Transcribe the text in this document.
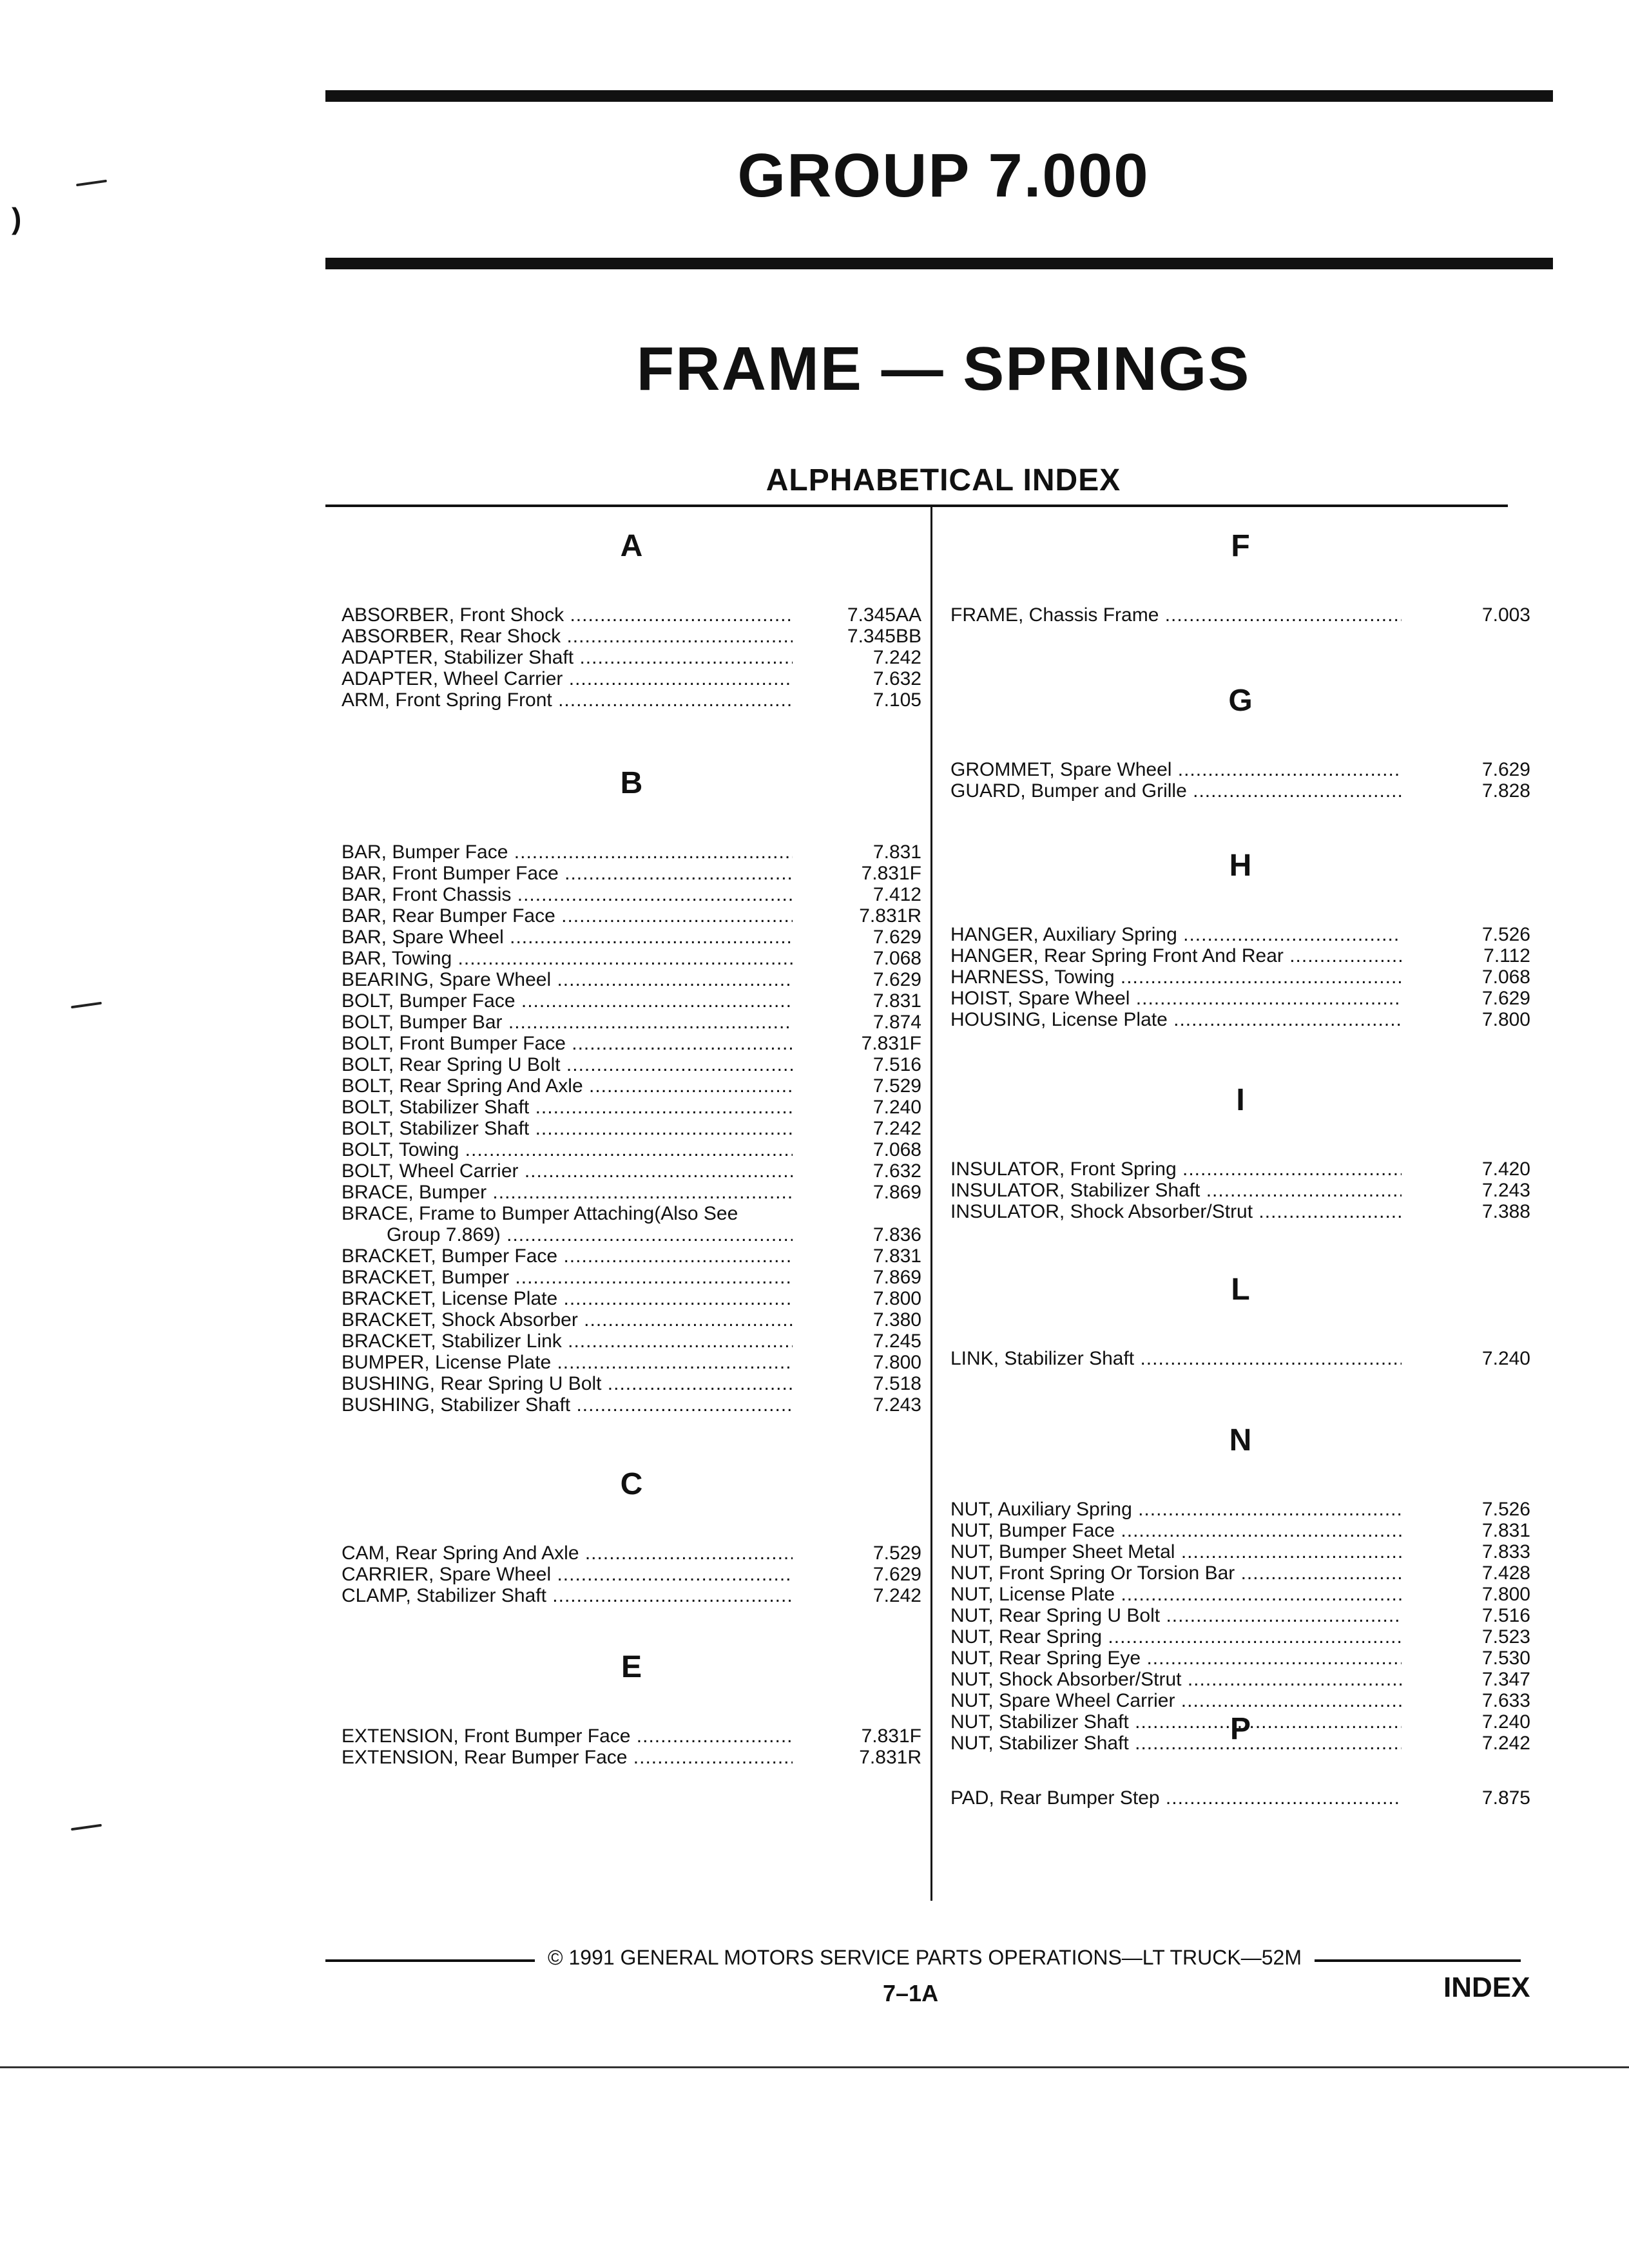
GROUP 7.000
FRAME — SPRINGS
ALPHABETICAL INDEX
)
A
ABSORBER, Front Shock .....	7.345AA
ABSORBER, Rear Shock .....	7.345BB
ADAPTER, Stabilizer Shaft .....	7.242
ADAPTER, Wheel Carrier .....	7.632
ARM, Front Spring Front .....	7.105
B
BAR, Bumper Face .....	7.831
BAR, Front Bumper Face .....	7.831F
BAR, Front Chassis .....	7.412
BAR, Rear Bumper Face .....	7.831R
BAR, Spare Wheel .....	7.629
BAR, Towing .....	7.068
BEARING, Spare Wheel .....	7.629
BOLT, Bumper Face .....	7.831
BOLT, Bumper Bar .....	7.874
BOLT, Front Bumper Face .....	7.831F
BOLT, Rear Spring U Bolt .....	7.516
BOLT, Rear Spring And Axle .....	7.529
BOLT, Stabilizer Shaft .....	7.240
BOLT, Stabilizer Shaft .....	7.242
BOLT, Towing .....	7.068
BOLT, Wheel Carrier .....	7.632
BRACE, Bumper .....	7.869
BRACE, Frame to Bumper Attaching(Also See
Group 7.869) .....	7.836
BRACKET, Bumper Face .....	7.831
BRACKET, Bumper .....	7.869
BRACKET, License Plate .....	7.800
BRACKET, Shock Absorber .....	7.380
BRACKET, Stabilizer Link .....	7.245
BUMPER, License Plate .....	7.800
BUSHING, Rear Spring U Bolt .....	7.518
BUSHING, Stabilizer Shaft .....	7.243
C
CAM, Rear Spring And Axle .....	7.529
CARRIER, Spare Wheel .....	7.629
CLAMP, Stabilizer Shaft .....	7.242
E
EXTENSION, Front Bumper Face .....	7.831F
EXTENSION, Rear Bumper Face .....	7.831R
F
FRAME, Chassis Frame .....	7.003
G
GROMMET, Spare Wheel .....	7.629
GUARD, Bumper and Grille .....	7.828
H
HANGER, Auxiliary Spring .....	7.526
HANGER, Rear Spring Front And Rear .....	7.112
HARNESS, Towing .....	7.068
HOIST, Spare Wheel .....	7.629
HOUSING, License Plate .....	7.800
I
INSULATOR, Front Spring .....	7.420
INSULATOR, Stabilizer Shaft .....	7.243
INSULATOR, Shock Absorber/Strut .....	7.388
L
LINK, Stabilizer Shaft .....	7.240
N
NUT, Auxiliary Spring .....	7.526
NUT, Bumper Face .....	7.831
NUT, Bumper Sheet Metal .....	7.833
NUT, Front Spring Or Torsion Bar .....	7.428
NUT, License Plate .....	7.800
NUT, Rear Spring U Bolt .....	7.516
NUT, Rear Spring .....	7.523
NUT, Rear Spring Eye .....	7.530
NUT, Shock Absorber/Strut .....	7.347
NUT, Spare Wheel Carrier .....	7.633
NUT, Stabilizer Shaft .....	7.240
NUT, Stabilizer Shaft .....	7.242
P
PAD, Rear Bumper Step .....	7.875
© 1991 GENERAL MOTORS SERVICE PARTS OPERATIONS—LT TRUCK—52M
7–1A	INDEX
